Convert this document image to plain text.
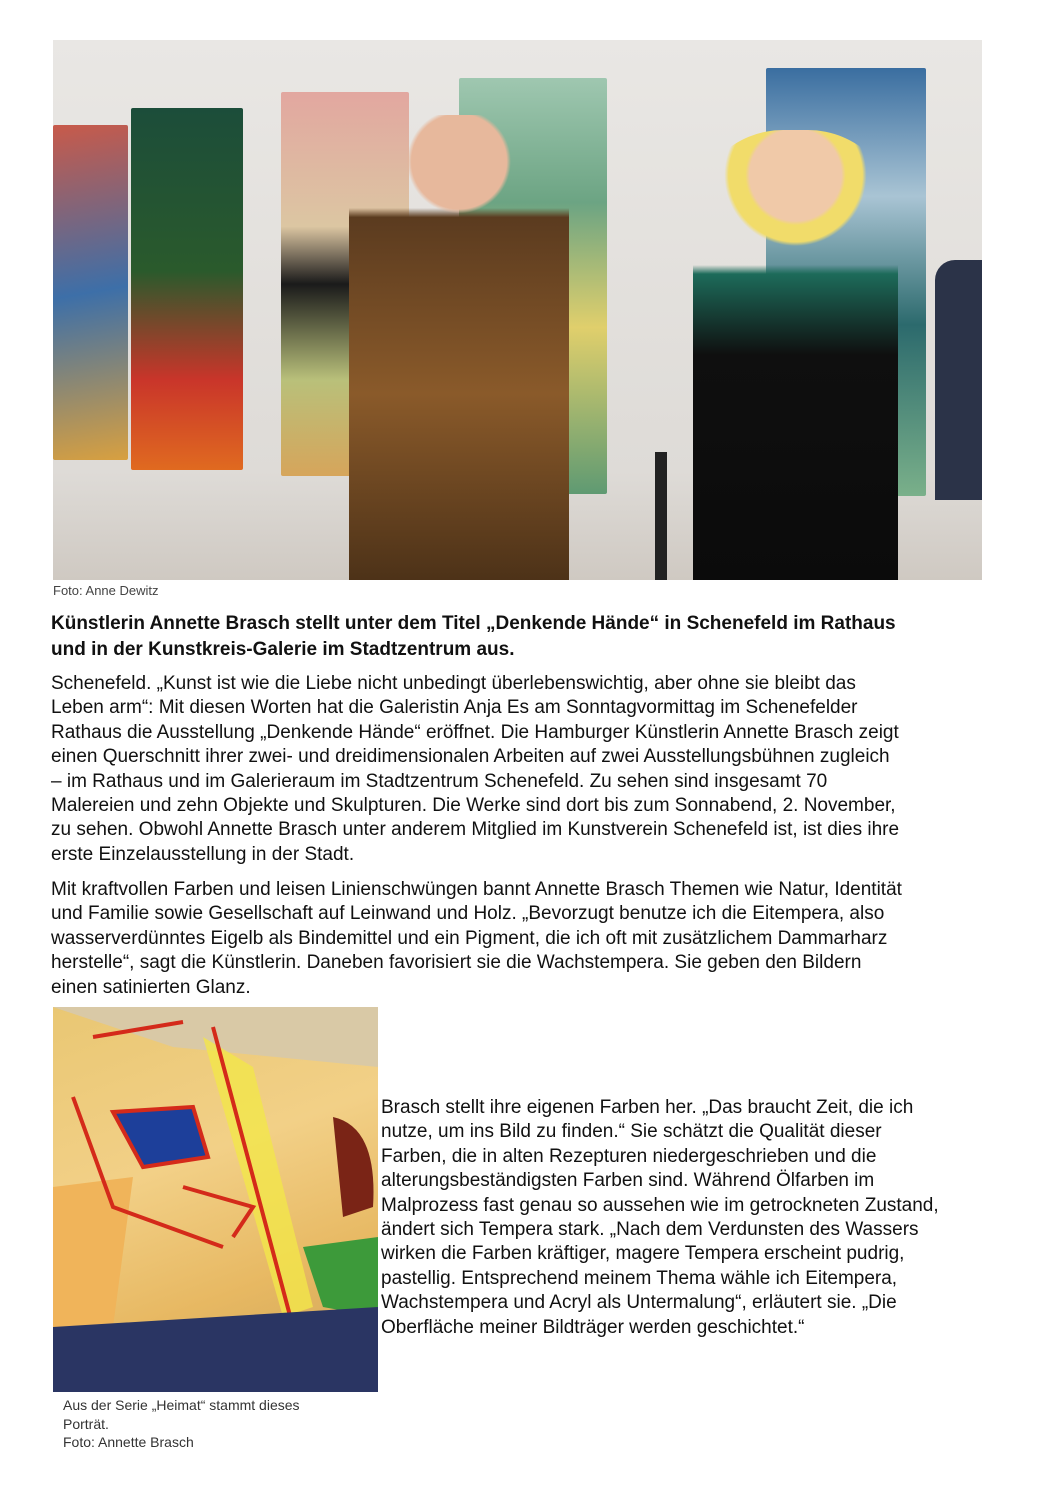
Foto: Anne Dewitz
Künstlerin Annette Brasch stellt unter dem Titel „Denkende Hände“ in Schenefeld im Rathaus
und in der Kunstkreis-Galerie im Stadtzentrum aus.
Schenefeld. „Kunst ist wie die Liebe nicht unbedingt überlebenswichtig, aber ohne sie bleibt das
Leben arm“: Mit diesen Worten hat die Galeristin Anja Es am Sonntagvormittag im Schenefelder
Rathaus die Ausstellung „Denkende Hände“ eröffnet. Die Hamburger Künstlerin Annette Brasch zeigt
einen Querschnitt ihrer zwei- und dreidimensionalen Arbeiten auf zwei Ausstellungsbühnen zugleich
– im Rathaus und im Galerieraum im Stadtzentrum Schenefeld. Zu sehen sind insgesamt 70
Malereien und zehn Objekte und Skulpturen. Die Werke sind dort bis zum Sonnabend, 2. November,
zu sehen. Obwohl Annette Brasch unter anderem Mitglied im Kunstverein Schenefeld ist, ist dies ihre
erste Einzelausstellung in der Stadt.
Mit kraftvollen Farben und leisen Linienschwüngen bannt Annette Brasch Themen wie Natur, Identität
und Familie sowie Gesellschaft auf Leinwand und Holz. „Bevorzugt benutze ich die Eitempera, also
wasserverdünntes Eigelb als Bindemittel und ein Pigment, die ich oft mit zusätzlichem Dammarharz
herstelle“, sagt die Künstlerin. Daneben favorisiert sie die Wachstempera. Sie geben den Bildern
einen satinierten Glanz.
Brasch stellt ihre eigenen Farben her. „Das braucht Zeit, die ich
nutze, um ins Bild zu finden.“ Sie schätzt die Qualität dieser
Farben, die in alten Rezepturen niedergeschrieben und die
alterungsbeständigsten Farben sind. Während Ölfarben im
Malprozess fast genau so aussehen wie im getrockneten Zustand,
ändert sich Tempera stark. „Nach dem Verdunsten des Wassers
wirken die Farben kräftiger, magere Tempera erscheint pudrig,
pastellig. Entsprechend meinem Thema wähle ich Eitempera,
Wachstempera und Acryl als Untermalung“, erläutert sie. „Die
Oberfläche meiner Bildträger werden geschichtet.“
Aus der Serie „Heimat“ stammt dieses
Porträt.
Foto: Annette Brasch
